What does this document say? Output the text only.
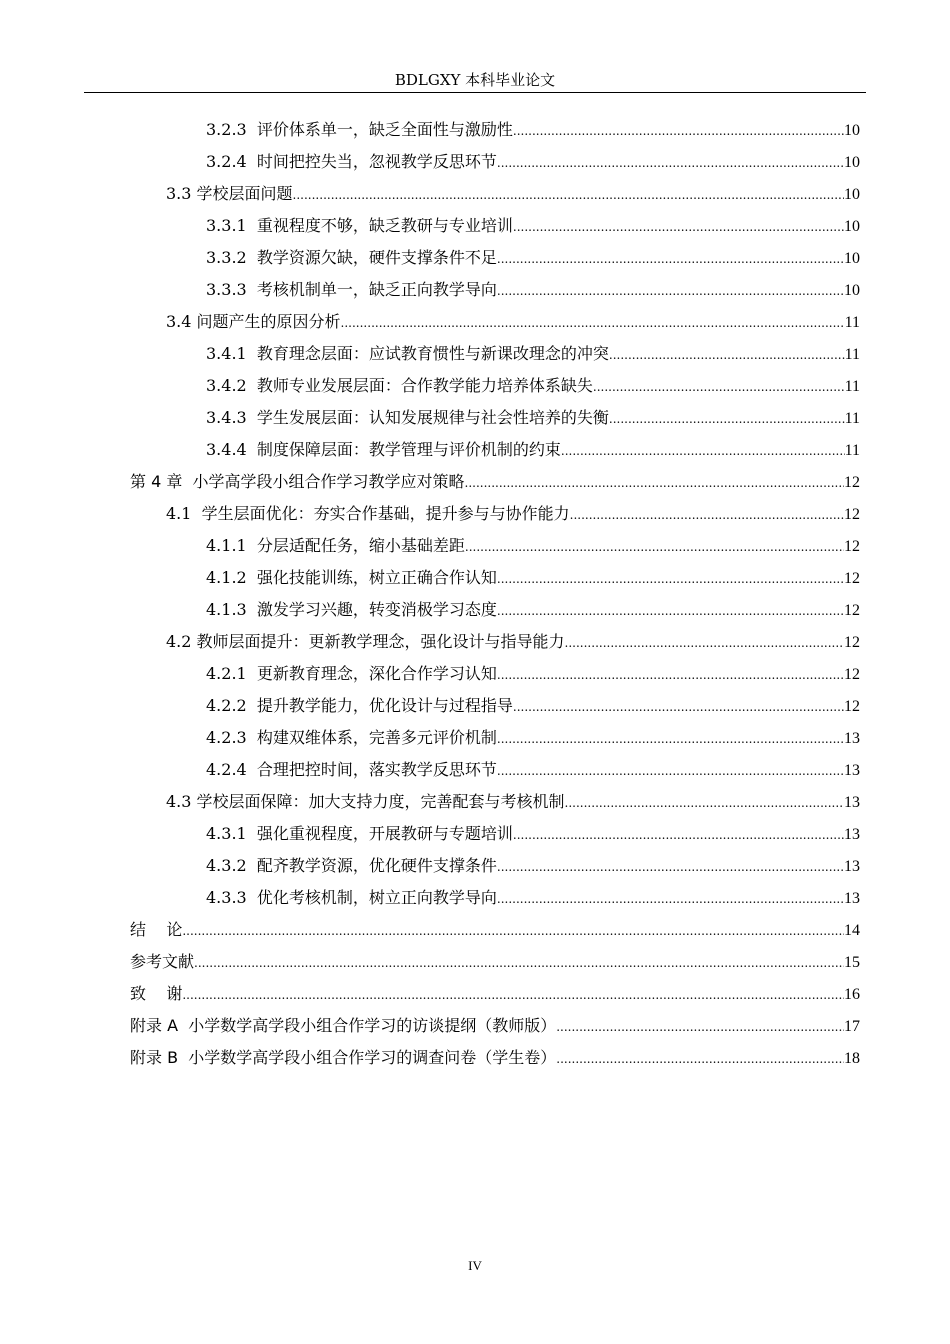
BDLGXY 本科毕业论文
3.2.3  评价体系单一，缺乏全面性与激励性 .....	10
3.2.4  时间把控失当，忽视教学反思环节 .....	10
3.3 学校层面问题 .....	10
3.3.1  重视程度不够，缺乏教研与专业培训 .....	10
3.3.2  教学资源欠缺，硬件支撑条件不足 .....	10
3.3.3  考核机制单一，缺乏正向教学导向 .....	10
3.4 问题产生的原因分析 .....	11
3.4.1  教育理念层面：应试教育惯性与新课改理念的冲突 .....	11
3.4.2  教师专业发展层面：合作教学能力培养体系缺失 .....	11
3.4.3  学生发展层面：认知发展规律与社会性培养的失衡 .....	11
3.4.4  制度保障层面：教学管理与评价机制的约束 .....	11
第 4 章  小学高学段小组合作学习教学应对策略 .....	12
4.1  学生层面优化：夯实合作基础，提升参与与协作能力 .....	12
4.1.1  分层适配任务，缩小基础差距 .....	12
4.1.2  强化技能训练，树立正确合作认知 .....	12
4.1.3  激发学习兴趣，转变消极学习态度 .....	12
4.2 教师层面提升：更新教学理念，强化设计与指导能力 .....	12
4.2.1  更新教育理念，深化合作学习认知 .....	12
4.2.2  提升教学能力，优化设计与过程指导 .....	12
4.2.3  构建双维体系，完善多元评价机制 .....	13
4.2.4  合理把控时间，落实教学反思环节 .....	13
4.3 学校层面保障：加大支持力度，完善配套与考核机制 .....	13
4.3.1  强化重视程度，开展教研与专题培训 .....	13
4.3.2  配齐教学资源，优化硬件支撑条件 .....	13
4.3.3  优化考核机制，树立正向教学导向 .....	13
结    论 .....	14
参考文献 .....	15
致    谢 .....	16
附录 A  小学数学高学段小组合作学习的访谈提纲（教师版） .....	17
附录 B  小学数学高学段小组合作学习的调查问卷（学生卷） .....	18
IV
